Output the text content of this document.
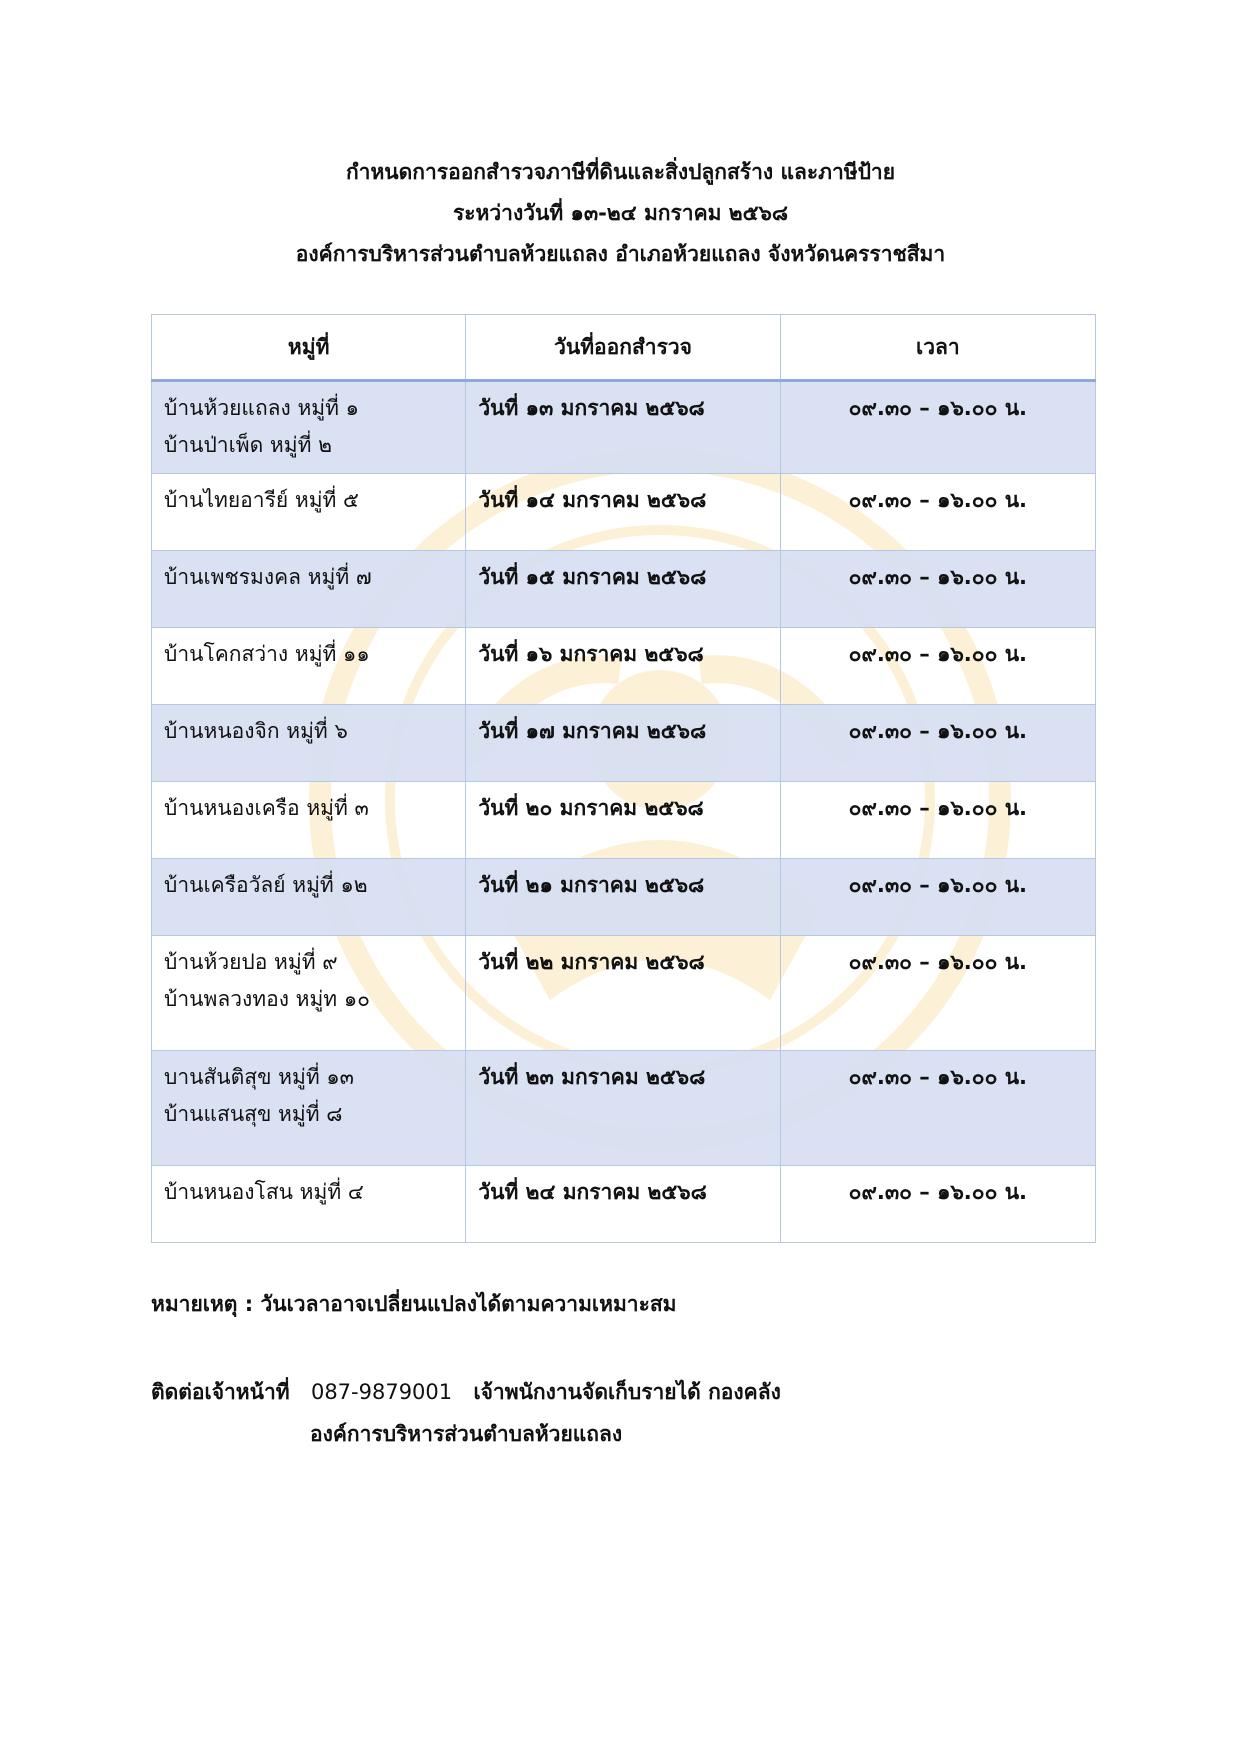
กำหนดการออกสำรวจภาษีที่ดินและสิ่งปลูกสร้าง และภาษีป้าย
ระหว่างวันที่ ๑๓-๒๔ มกราคม ๒๕๖๘
องค์การบริหารส่วนตำบลห้วยแถลง อำเภอห้วยแถลง จังหวัดนครราชสีมา
หมู่ที่	วันที่ออกสำรวจ	เวลา

บ้านห้วยแถลง หมู่ที่ ๑
บ้านป่าเพ็ด หมู่ที่ ๒	วันที่ ๑๓ มกราคม ๒๕๖๘	๐๙.๓๐ – ๑๖.๐๐ น.

บ้านไทยอารีย์ หมู่ที่ ๕	วันที่ ๑๔ มกราคม ๒๕๖๘	๐๙.๓๐ – ๑๖.๐๐ น.

บ้านเพชรมงคล หมู่ที่ ๗	วันที่ ๑๕ มกราคม ๒๕๖๘	๐๙.๓๐ – ๑๖.๐๐ น.

บ้านโคกสว่าง หมู่ที่ ๑๑	วันที่ ๑๖ มกราคม ๒๕๖๘	๐๙.๓๐ – ๑๖.๐๐ น.

บ้านหนองจิก หมู่ที่ ๖	วันที่ ๑๗ มกราคม ๒๕๖๘	๐๙.๓๐ – ๑๖.๐๐ น.

บ้านหนองเครือ หมู่ที่ ๓	วันที่ ๒๐ มกราคม ๒๕๖๘	๐๙.๓๐ – ๑๖.๐๐ น.

บ้านเครือวัลย์ หมู่ที่ ๑๒	วันที่ ๒๑ มกราคม ๒๕๖๘	๐๙.๓๐ – ๑๖.๐๐ น.

บ้านห้วยปอ หมู่ที่ ๙
บ้านพลวงทอง หมู่ท ๑๐	วันที่ ๒๒ มกราคม ๒๕๖๘	๐๙.๓๐ – ๑๖.๐๐ น.

บานสันติสุข หมู่ที่ ๑๓
บ้านแสนสุข หมู่ที่ ๘	วันที่ ๒๓ มกราคม ๒๕๖๘	๐๙.๓๐ – ๑๖.๐๐ น.

บ้านหนองโสน หมู่ที่ ๔	วันที่ ๒๔ มกราคม ๒๕๖๘	๐๙.๓๐ – ๑๖.๐๐ น.
หมายเหตุ : วันเวลาอาจเปลี่ยนแปลงได้ตามความเหมาะสม
ติดต่อเจ้าหน้าที่ 087-9879001 เจ้าพนักงานจัดเก็บรายได้ กองคลัง
องค์การบริหารส่วนตำบลห้วยแถลง
